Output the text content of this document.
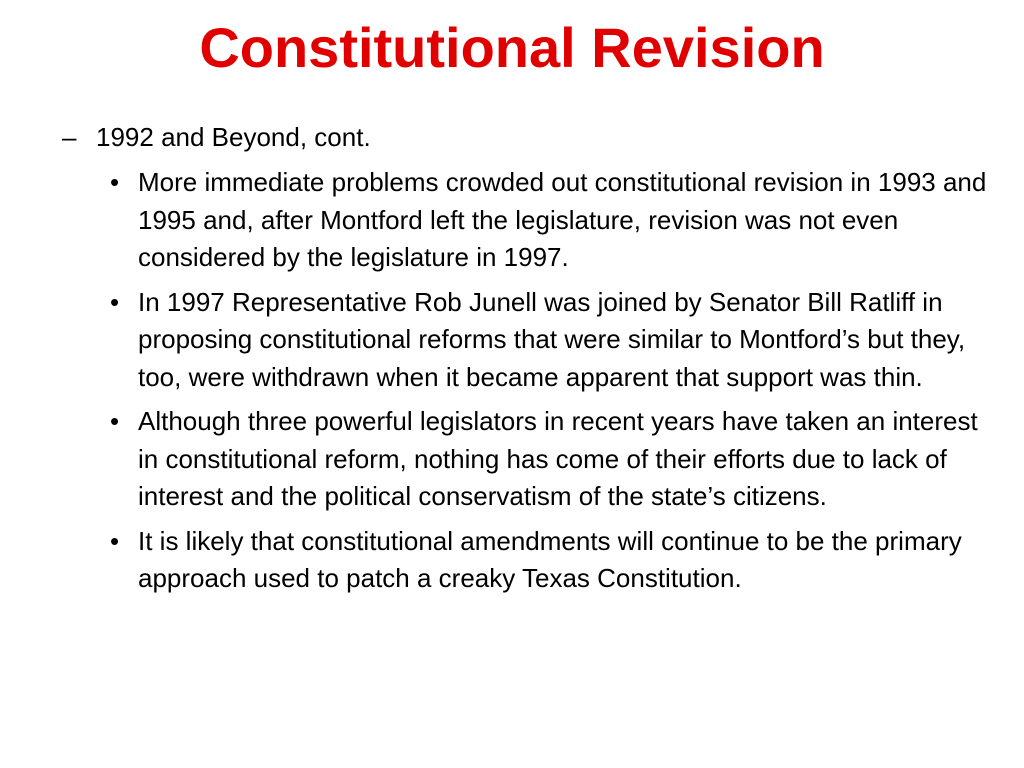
Constitutional Revision
– 1992 and Beyond, cont.
• More immediate problems crowded out constitutional revision in 1993 and 1995 and, after Montford left the legislature, revision was not even considered by the legislature in 1997.
• In 1997 Representative Rob Junell was joined by Senator Bill Ratliff in proposing constitutional reforms that were similar to Montford’s but they, too, were withdrawn when it became apparent that support was thin.
• Although three powerful legislators in recent years have taken an interest in constitutional reform, nothing has come of their efforts due to lack of interest and the political conservatism of the state’s citizens.
• It is likely that constitutional amendments will continue to be the primary approach used to patch a creaky Texas Constitution.
